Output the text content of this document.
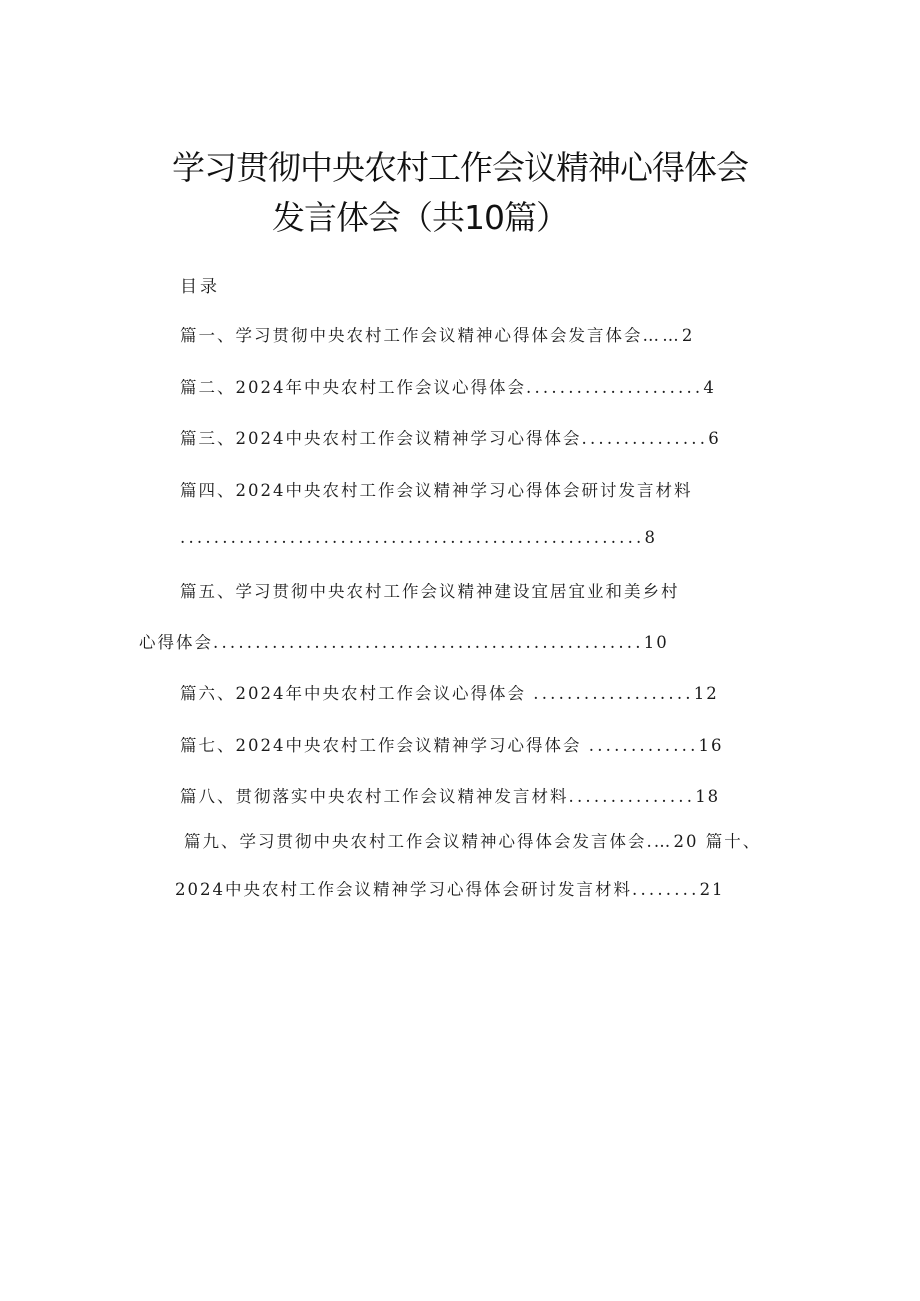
学习贯彻中央农村工作会议精神心得体会
发言体会（共10篇）
目录
篇一、学习贯彻中央农村工作会议精神心得体会发言体会……2
篇二、2024年中央农村工作会议心得体会.....................4
篇三、2024中央农村工作会议精神学习心得体会...............6
篇四、2024中央农村工作会议精神学习心得体会研讨发言材料
.......................................................8
篇五、学习贯彻中央农村工作会议精神建设宜居宜业和美乡村
心得体会...................................................10
篇六、2024年中央农村工作会议心得体会 ...................12
篇七、2024中央农村工作会议精神学习心得体会 .............16
篇八、贯彻落实中央农村工作会议精神发言材料...............18
篇九、学习贯彻中央农村工作会议精神心得体会发言体会.…20 篇十、
2024中央农村工作会议精神学习心得体会研讨发言材料........21
